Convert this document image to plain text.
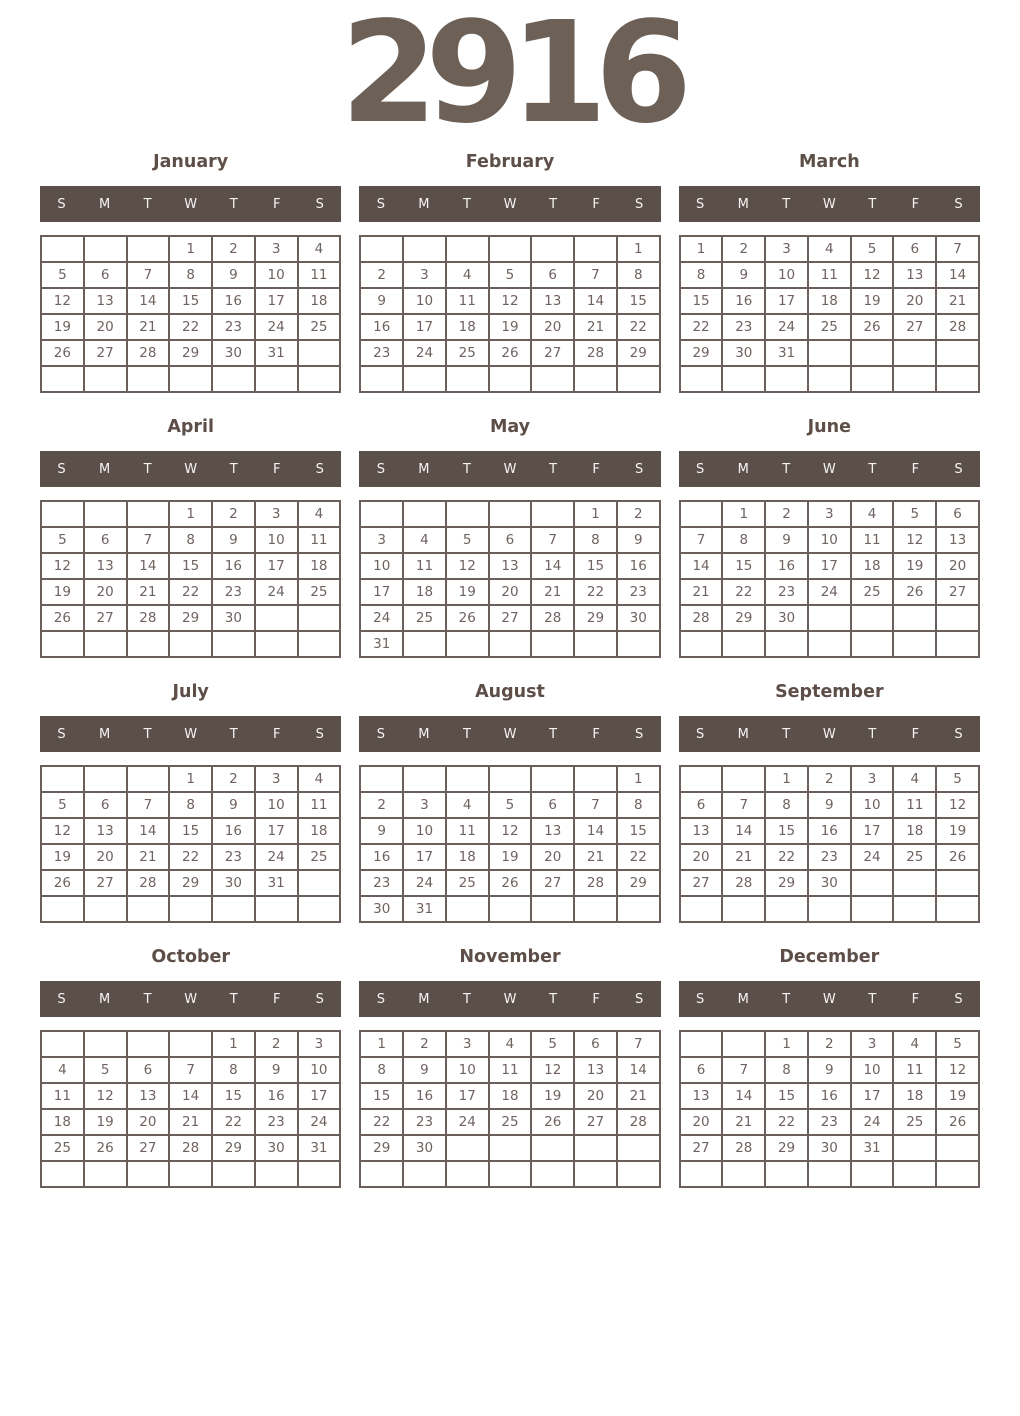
2916
January
S	M	T	W	T	F	S
			1	2	3	4
5	6	7	8	9	10	11
12	13	14	15	16	17	18
19	20	21	22	23	24	25
26	27	28	29	30	31	

February
S	M	T	W	T	F	S
						1
2	3	4	5	6	7	8
9	10	11	12	13	14	15
16	17	18	19	20	21	22
23	24	25	26	27	28	29

March
S	M	T	W	T	F	S
1	2	3	4	5	6	7
8	9	10	11	12	13	14
15	16	17	18	19	20	21
22	23	24	25	26	27	28
29	30	31				

April
S	M	T	W	T	F	S
			1	2	3	4
5	6	7	8	9	10	11
12	13	14	15	16	17	18
19	20	21	22	23	24	25
26	27	28	29	30		

May
S	M	T	W	T	F	S
					1	2
3	4	5	6	7	8	9
10	11	12	13	14	15	16
17	18	19	20	21	22	23
24	25	26	27	28	29	30
31						
June
S	M	T	W	T	F	S
	1	2	3	4	5	6
7	8	9	10	11	12	13
14	15	16	17	18	19	20
21	22	23	24	25	26	27
28	29	30				

July
S	M	T	W	T	F	S
			1	2	3	4
5	6	7	8	9	10	11
12	13	14	15	16	17	18
19	20	21	22	23	24	25
26	27	28	29	30	31	

August
S	M	T	W	T	F	S
						1
2	3	4	5	6	7	8
9	10	11	12	13	14	15
16	17	18	19	20	21	22
23	24	25	26	27	28	29
30	31					
September
S	M	T	W	T	F	S
		1	2	3	4	5
6	7	8	9	10	11	12
13	14	15	16	17	18	19
20	21	22	23	24	25	26
27	28	29	30			

October
S	M	T	W	T	F	S
				1	2	3
4	5	6	7	8	9	10
11	12	13	14	15	16	17
18	19	20	21	22	23	24
25	26	27	28	29	30	31

November
S	M	T	W	T	F	S
1	2	3	4	5	6	7
8	9	10	11	12	13	14
15	16	17	18	19	20	21
22	23	24	25	26	27	28
29	30					

December
S	M	T	W	T	F	S
		1	2	3	4	5
6	7	8	9	10	11	12
13	14	15	16	17	18	19
20	21	22	23	24	25	26
27	28	29	30	31		
